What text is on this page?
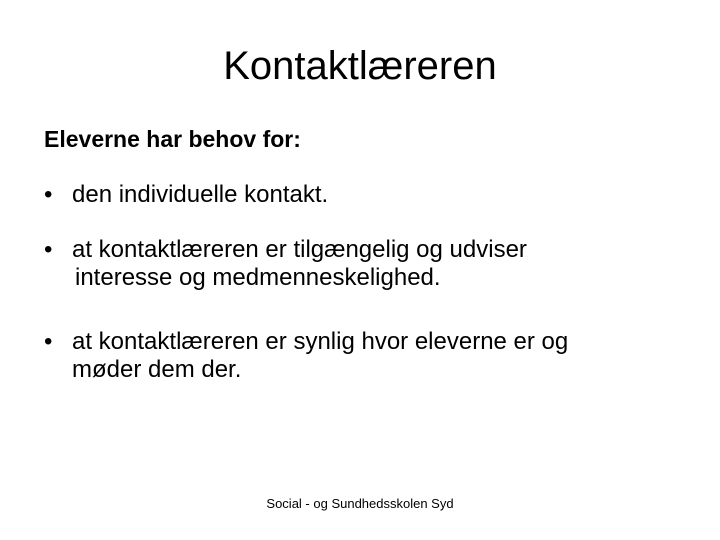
Kontaktlæreren
Eleverne har behov for:
• den individuelle kontakt.
• at kontaktlæreren er tilgængelig og udviser
interesse og medmenneskelighed.
• at kontaktlæreren er synlig hvor eleverne er og
møder dem der.
Social - og Sundhedsskolen Syd
